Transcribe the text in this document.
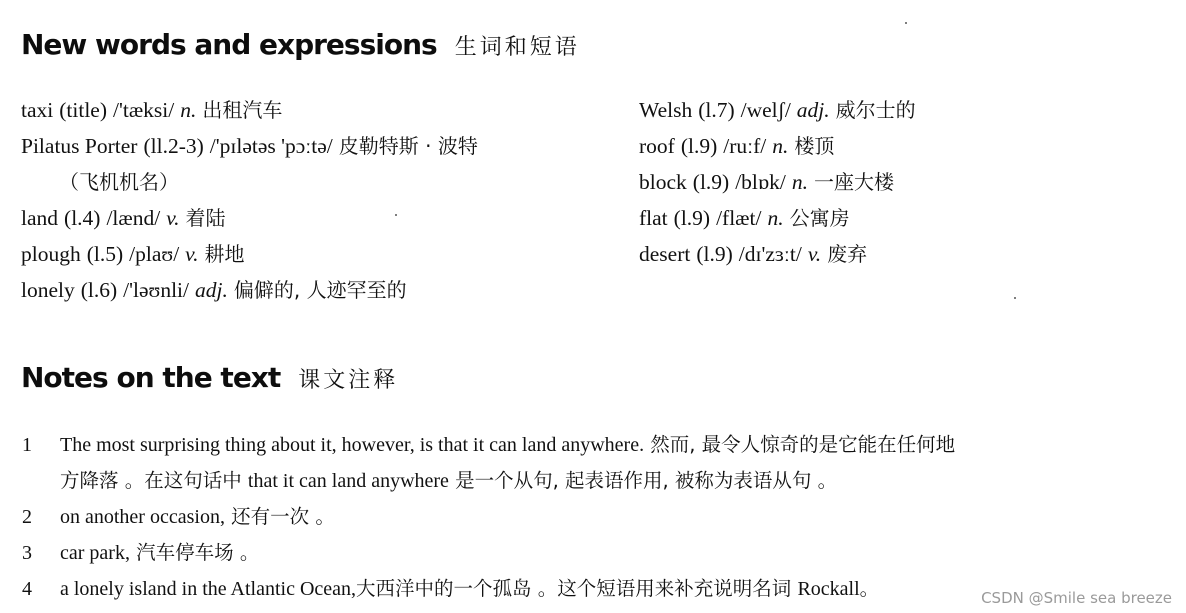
New words and expressions 生词和短语
taxi (title) /'tæksi/ n. 出租汽车
Pilatus Porter (ll.2-3) /'pɪlətəs 'pɔːtə/ 皮勒特斯 · 波特
（飞机机名）
land (l.4) /lænd/ v. 着陆
plough (l.5) /plaʊ/ v. 耕地
lonely (l.6) /'ləʊnli/ adj. 偏僻的, 人迹罕至的
Welsh (l.7) /welʃ/ adj. 威尔士的
roof (l.9) /ruːf/ n. 楼顶
block (l.9) /blɒk/ n. 一座大楼
flat (l.9) /flæt/ n. 公寓房
desert (l.9) /dɪ'zɜːt/ v. 废弃
Notes on the text 课文注释
1	The most surprising thing about it, however, is that it can land anywhere. 然而, 最令人惊奇的是它能在任何地
方降落 。在这句话中 that it can land anywhere 是一个从句, 起表语作用, 被称为表语从句 。
2	on another occasion, 还有一次 。
3	car park, 汽车停车场 。
4	a lonely island in the Atlantic Ocean,大西洋中的一个孤岛 。这个短语用来补充说明名词 Rockall。	CSDN @Smile sea breeze
